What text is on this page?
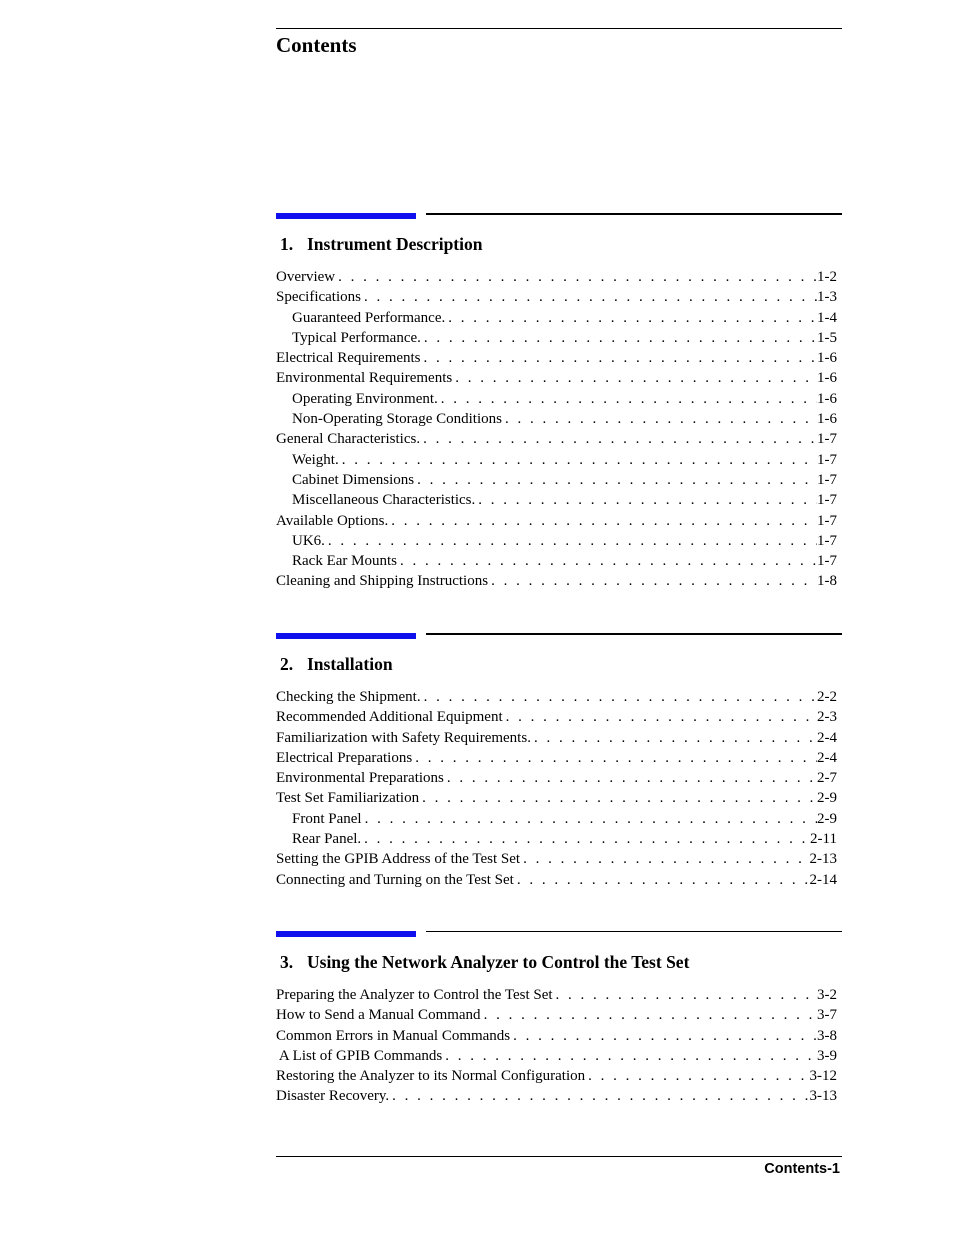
Contents
1. Instrument Description
Overview . . .	1-2
Specifications . . .	1-3
Guaranteed Performance. . . .	1-4
Typical Performance. . . .	1-5
Electrical Requirements . . .	1-6
Environmental Requirements . . .	1-6
Operating Environment. . . .	1-6
Non-Operating Storage Conditions . . .	1-6
General Characteristics. . . .	1-7
Weight. . . .	1-7
Cabinet Dimensions . . .	1-7
Miscellaneous Characteristics. . . .	1-7
Available Options. . . .	1-7
UK6. . . .	1-7
Rack Ear Mounts . . .	1-7
Cleaning and Shipping Instructions . . .	1-8
2. Installation
Checking the Shipment. . . .	2-2
Recommended Additional Equipment . . .	2-3
Familiarization with Safety Requirements. . . .	2-4
Electrical Preparations . . .	2-4
Environmental Preparations . . .	2-7
Test Set Familiarization . . .	2-9
Front Panel . . .	2-9
Rear Panel. . . .	2-11
Setting the GPIB Address of the Test Set . . .	2-13
Connecting and Turning on the Test Set . . .	2-14
3. Using the Network Analyzer to Control the Test Set
Preparing the Analyzer to Control the Test Set . . .	3-2
How to Send a Manual Command . . .	3-7
Common Errors in Manual Commands . . .	3-8
A List of GPIB Commands . . .	3-9
Restoring the Analyzer to its Normal Configuration . . .	3-12
Disaster Recovery. . . .	3-13
Contents-1
